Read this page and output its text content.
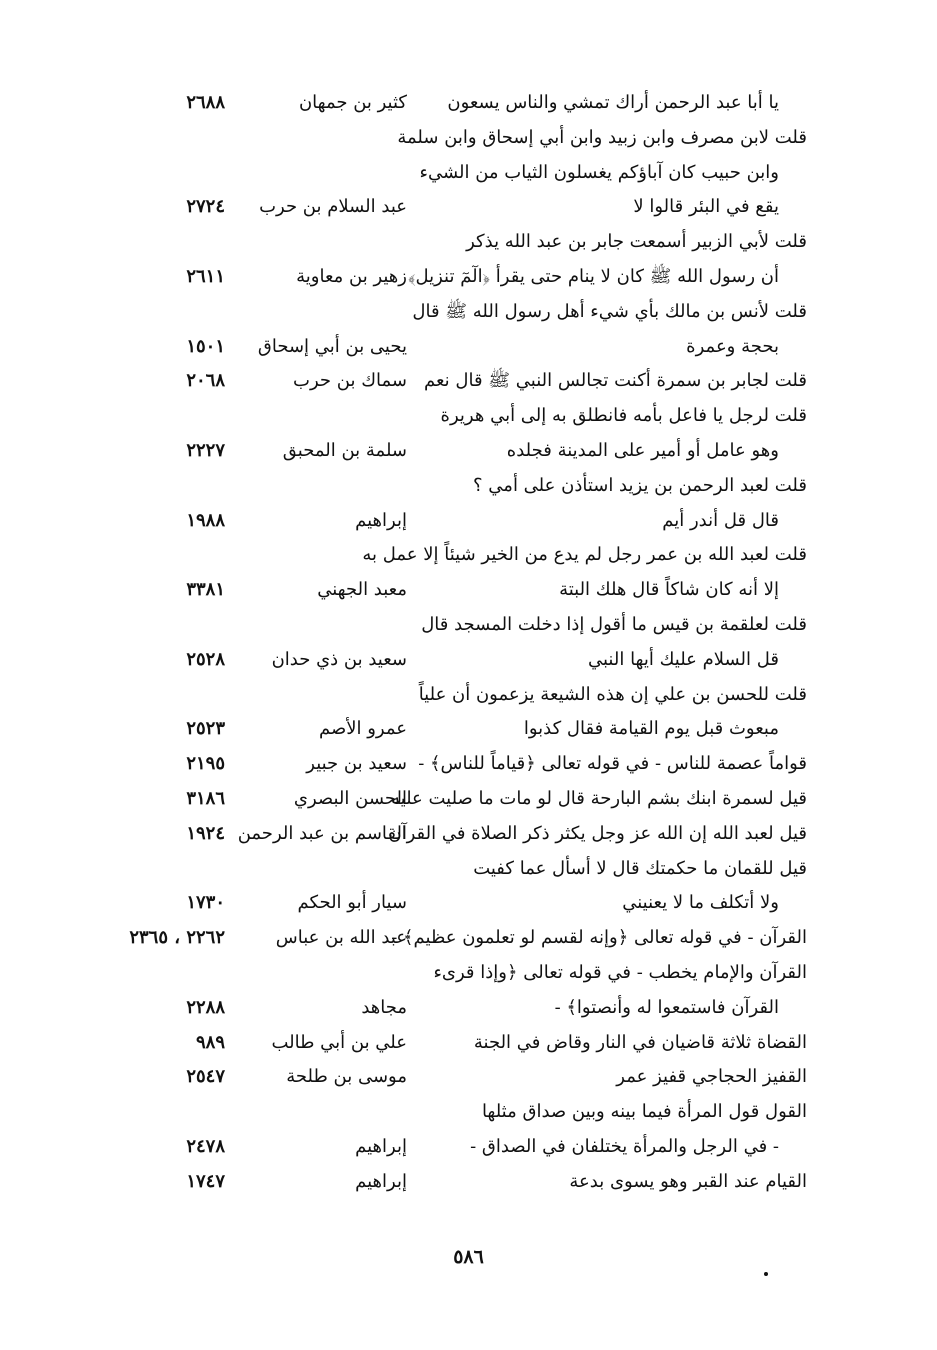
يا أبا عبد الرحمن أراك تمشي والناس يسعون
كثير بن جمهان
٢٦٨٨
قلت لابن مصرف وابن زبيد وابن أبي إسحاق وابن سلمة
وابن حبيب كان آباؤكم يغسلون الثياب من الشيء
يقع في البئر قالوا لا
عبد السلام بن حرب
٢٧٢٤
قلت لأبي الزبير أسمعت جابر بن عبد الله يذكر
أن رسول الله ﷺ كان لا ينام حتى يقرأ ﴿الٓمٓ تنزيل﴾
زهير بن معاوية
٢٦١١
قلت لأنس بن مالك بأي شيء أهل رسول الله ﷺ قال
بحجة وعمرة
يحيى بن أبي إسحاق
١٥٠١
قلت لجابر بن سمرة أكنت تجالس النبي ﷺ قال نعم
سماك بن حرب
٢٠٦٨
قلت لرجل يا فاعل بأمه فانطلق به إلى أبي هريرة
وهو عامل أو أمير على المدينة فجلده
سلمة بن المحبق
٢٢٢٧
قلت لعبد الرحمن بن يزيد استأذن على أمي ؟
قال قل أندر أيم
إبراهيم
١٩٨٨
قلت لعبد الله بن عمر رجل لم يدع من الخير شيئاً إلا عمل به
إلا أنه كان شاكاً قال هلك البتة
معبد الجهني
٣٣٨١
قلت لعلقمة بن قيس ما أقول إذا دخلت المسجد قال
قل السلام عليك أيها النبي
سعيد بن ذي حدان
٢٥٢٨
قلت للحسن بن علي إن هذه الشيعة يزعمون أن علياً
مبعوث قبل يوم القيامة فقال كذبوا
عمرو الأصم
٢٥٢٣
قواماً عصمة للناس - في قوله تعالى ﴿قياماً للناس﴾ -
سعيد بن جبير
٢١٩٥
قيل لسمرة ابنك بشم البارحة قال لو مات ما صليت عليه
الحسن البصري
٣١٨٦
قيل لعبد الله إن الله عز وجل يكثر ذكر الصلاة في القرآن
القاسم بن عبد الرحمن
١٩٢٤
قيل للقمان ما حكمتك قال لا أسأل عما كفيت
ولا أتكلف ما لا يعنيني
سيار أبو الحكم
١٧٣٠
القرآن - في قوله تعالى ﴿وإنه لقسم لو تعلمون عظيم﴾ -
عبد الله بن عباس
٢٢٦٢ ، ٢٣٦٥
القرآن والإمام يخطب - في قوله تعالى ﴿وإذا قرىء
القرآن فاستمعوا له وأنصتوا﴾ -
مجاهد
٢٢٨٨
القضاة ثلاثة قاضيان في النار وقاض في الجنة
علي بن أبي طالب
٩٨٩
القفيز الحجاجي قفيز عمر
موسى بن طلحة
٢٥٤٧
القول قول المرأة فيما بينه وبين صداق مثلها
- في الرجل والمرأة يختلفان في الصداق -
إبراهيم
٢٤٧٨
القيام عند القبر وهو يسوى بدعة
إبراهيم
١٧٤٧
٥٨٦
